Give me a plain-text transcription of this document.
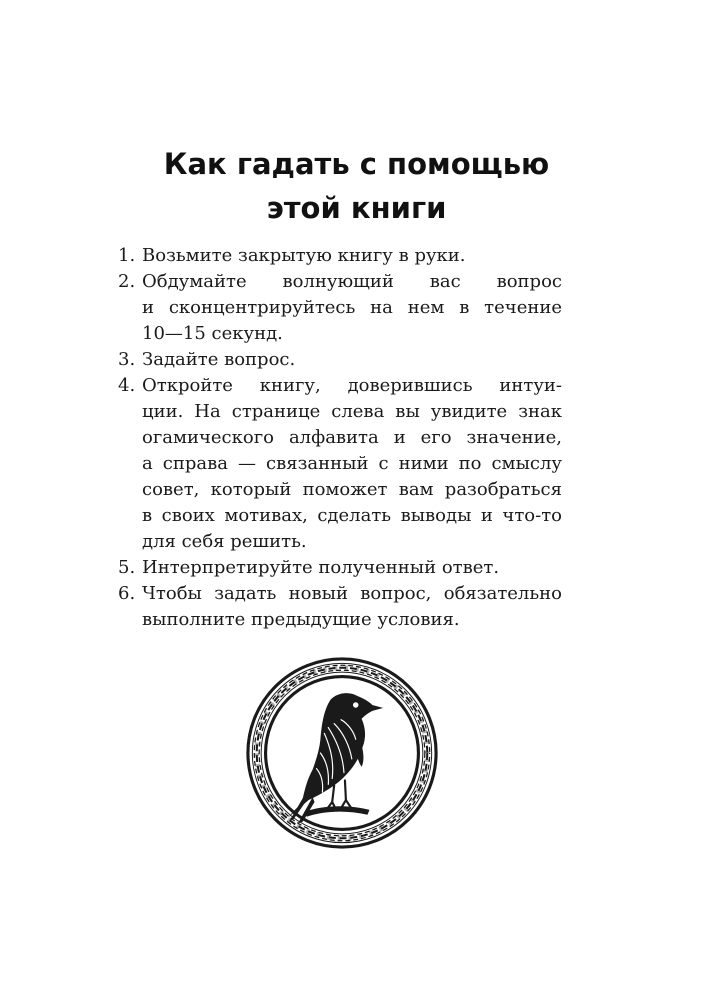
Как гадать с помощью
этой книги
1. Возьмите закрытую книгу в руки.
2. Обдумайте волнующий вас вопрос
и сконцентрируйтесь на нем в течение
10—15 секунд.
3. Задайте вопрос.
4. Откройте книгу, доверившись интуи-
ции. На странице слева вы увидите знак
огамического алфавита и его значение,
а справа — связанный с ними по смыслу
совет, который поможет вам разобраться
в своих мотивах, сделать выводы и что-то
для себя решить.
5. Интерпретируйте полученный ответ.
6. Чтобы задать новый вопрос, обязательно
выполните предыдущие условия.
